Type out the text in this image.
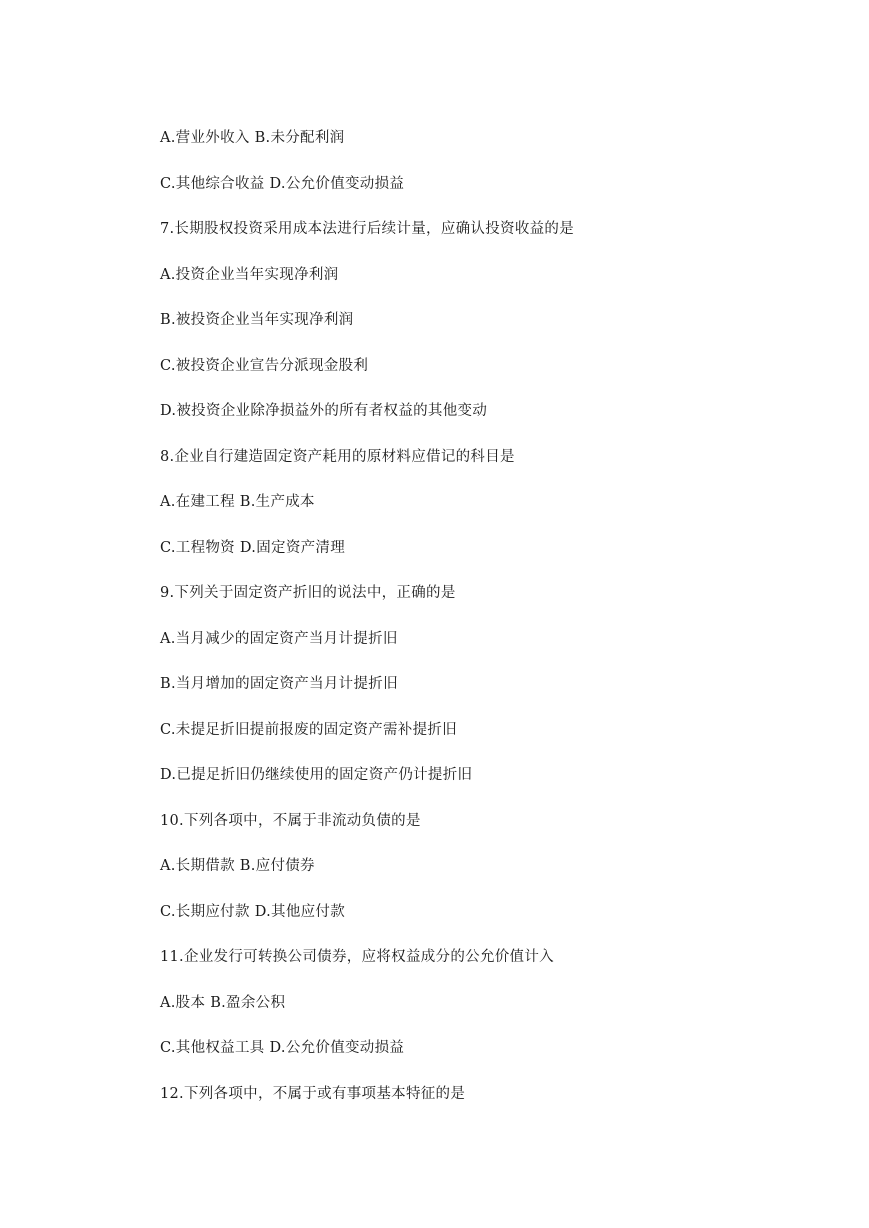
A.营业外收入 B.未分配利润
C.其他综合收益 D.公允价值变动损益
7.长期股权投资采用成本法进行后续计量，应确认投资收益的是
A.投资企业当年实现净利润
B.被投资企业当年实现净利润
C.被投资企业宣告分派现金股利
D.被投资企业除净损益外的所有者权益的其他变动
8.企业自行建造固定资产耗用的原材料应借记的科目是
A.在建工程 B.生产成本
C.工程物资 D.固定资产清理
9.下列关于固定资产折旧的说法中，正确的是
A.当月减少的固定资产当月计提折旧
B.当月增加的固定资产当月计提折旧
C.未提足折旧提前报废的固定资产需补提折旧
D.已提足折旧仍继续使用的固定资产仍计提折旧
10.下列各项中，不属于非流动负债的是
A.长期借款 B.应付债券
C.长期应付款 D.其他应付款
11.企业发行可转换公司债券，应将权益成分的公允价值计入
A.股本 B.盈余公积
C.其他权益工具 D.公允价值变动损益
12.下列各项中，不属于或有事项基本特征的是
